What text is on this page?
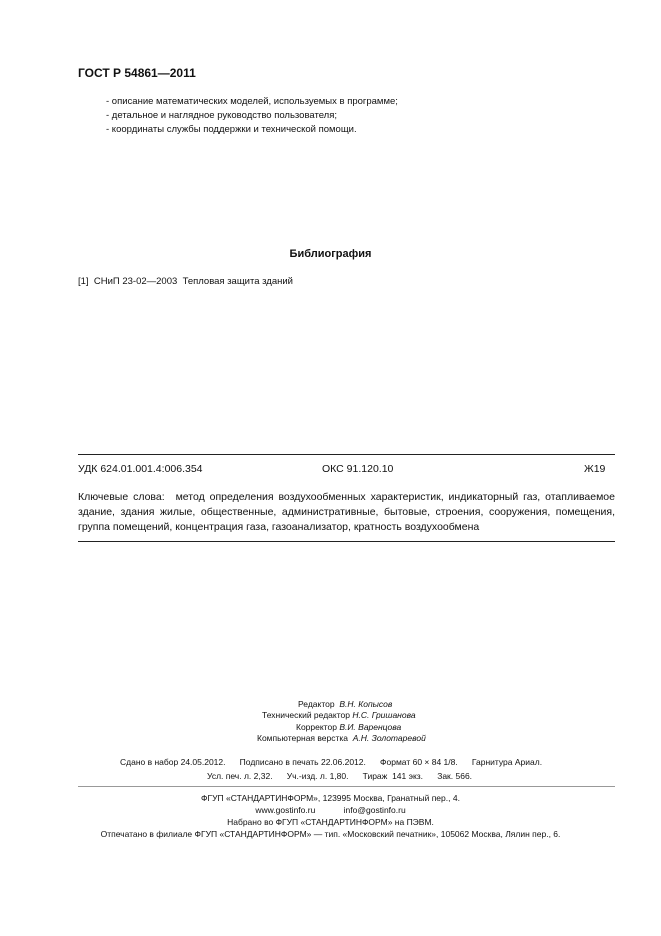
ГОСТ Р 54861—2011
- описание математических моделей, используемых в программе;
- детальное и наглядное руководство пользователя;
- координаты службы поддержки и технической помощи.
Библиография
[1] СНиП 23-02—2003 Тепловая защита зданий
УДК 624.01.001.4:006.354	ОКС 91.120.10	Ж19
Ключевые слова: метод определения воздухообменных характеристик, индикаторный газ, отапливаемое здание, здания жилые, общественные, административные, бытовые, строения, сооружения, помещения, группа помещений, концентрация газа, газоанализатор, кратность воздухообмена
Редактор В.Н. Копысов
Технический редактор Н.С. Гришанова
Корректор В.И. Варенцова
Компьютерная верстка А.Н. Золотаревой
Сдано в набор 24.05.2012.      Подписано в печать 22.06.2012.      Формат 60 × 84 1/8.      Гарнитура Ариал.
Усл. печ. л. 2,32.      Уч.-изд. л. 1,80.      Тираж  141 экз.      Зак. 566.
ФГУП «СТАНДАРТИНФОРМ», 123995 Москва, Гранатный пер., 4.
www.gostinfo.ru	info@gostinfo.ru
Набрано во ФГУП «СТАНДАРТИНФОРМ» на ПЭВМ.
Отпечатано в филиале ФГУП «СТАНДАРТИНФОРМ» — тип. «Московский печатник», 105062 Москва, Лялин пер., 6.
